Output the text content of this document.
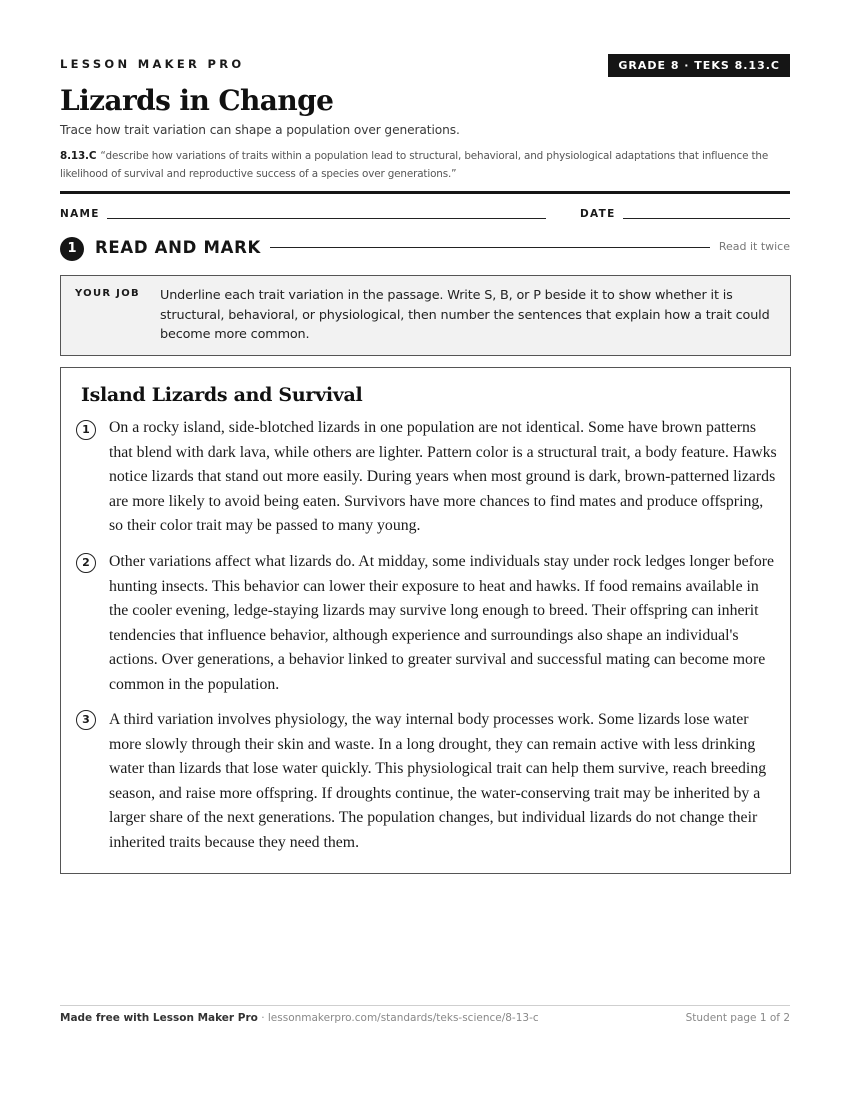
LESSON MAKER PRO	GRADE 8 · TEKS 8.13.C
Lizards in Change
Trace how trait variation can shape a population over generations.
8.13.C “describe how variations of traits within a population lead to structural, behavioral, and physiological adaptations that influence the likelihood of survival and reproductive success of a species over generations.”
NAME	DATE
1	READ AND MARK	Read it twice
YOUR JOB Underline each trait variation in the passage. Write S, B, or P beside it to show whether it is structural, behavioral, or physiological, then number the sentences that explain how a trait could become more common.
Island Lizards and Survival
1	On a rocky island, side-blotched lizards in one population are not identical. Some have brown patterns that blend with dark lava, while others are lighter. Pattern color is a structural trait, a body feature. Hawks notice lizards that stand out more easily. During years when most ground is dark, brown-patterned lizards are more likely to avoid being eaten. Survivors have more chances to find mates and produce offspring, so their color trait may be passed to many young.

2	Other variations affect what lizards do. At midday, some individuals stay under rock ledges longer before hunting insects. This behavior can lower their exposure to heat and hawks. If food remains available in the cooler evening, ledge-staying lizards may survive long enough to breed. Their offspring can inherit tendencies that influence behavior, although experience and surroundings also shape an individual's actions. Over generations, a behavior linked to greater survival and successful mating can become more common in the population.

3	A third variation involves physiology, the way internal body processes work. Some lizards lose water more slowly through their skin and waste. In a long drought, they can remain active with less drinking water than lizards that lose water quickly. This physiological trait can help them survive, reach breeding season, and raise more offspring. If droughts continue, the water-conserving trait may be inherited by a larger share of the next generations. The population changes, but individual lizards do not change their inherited traits because they need them.

Made free with Lesson Maker Pro · lessonmakerpro.com/standards/teks-science/8-13-c	Student page 1 of 2
